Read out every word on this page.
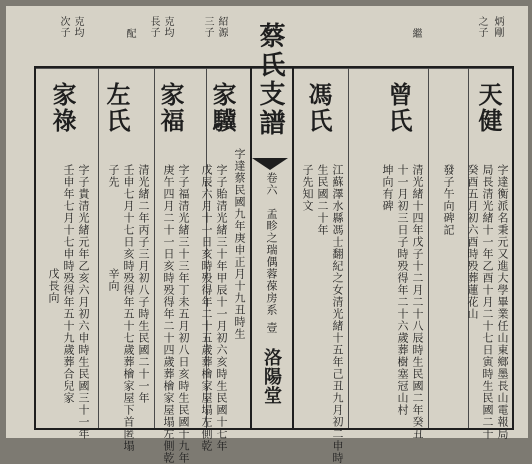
炳剛
之子
天健
字達衡派名秉元又進大學畢業任山東鄉墨長山電報局
局長清光緒十一年乙酉十月二十七日寅時生民國二十
癸酉五月初六酉時殁葬蓮花山
發子午向碑記
繼
曾氏
清光緒十四年戊子十二月二十八辰時生民國二年癸丑
十一月初三日子時殁得年二十六歲葬樹塞冠山村
坤向有碑
馮氏
江蘇澤水縣馮士翻紀之女清光緒十五年己丑九月初二申時
生民國二十年
子先知文
蔡氏支譜
卷六
孟畛之瑞偶蓉葆房系
壹
洛陽堂
字達蔡民國九年庚申正月十九丑時生
紹源
三子
克均
長子
配
克均
次子
家驥
字子貽清光緒三十年甲辰十一月初六亥時生民國十七年
戊辰六月十一日亥時殁得年二十五歲葬檜家屋塌左側乾
家福
字子福清光緒三十三年丁未五月初八日亥時生民國十九年
庚午四月二十一日亥時殁得年二十四歲葬檜家屋塌左側乾
左氏
清光緒二年丙子三月初八子時生民國二十一年
壬申七月十七日亥時殁得年五十七歲葬檜家屋下首匿塌
子先
辛向
家祿
字子貴清光緒元年乙亥六月初六申時生民國三十一年
壬申年七月十七申時殁得年五十九歲葬合兒家
戊長向
